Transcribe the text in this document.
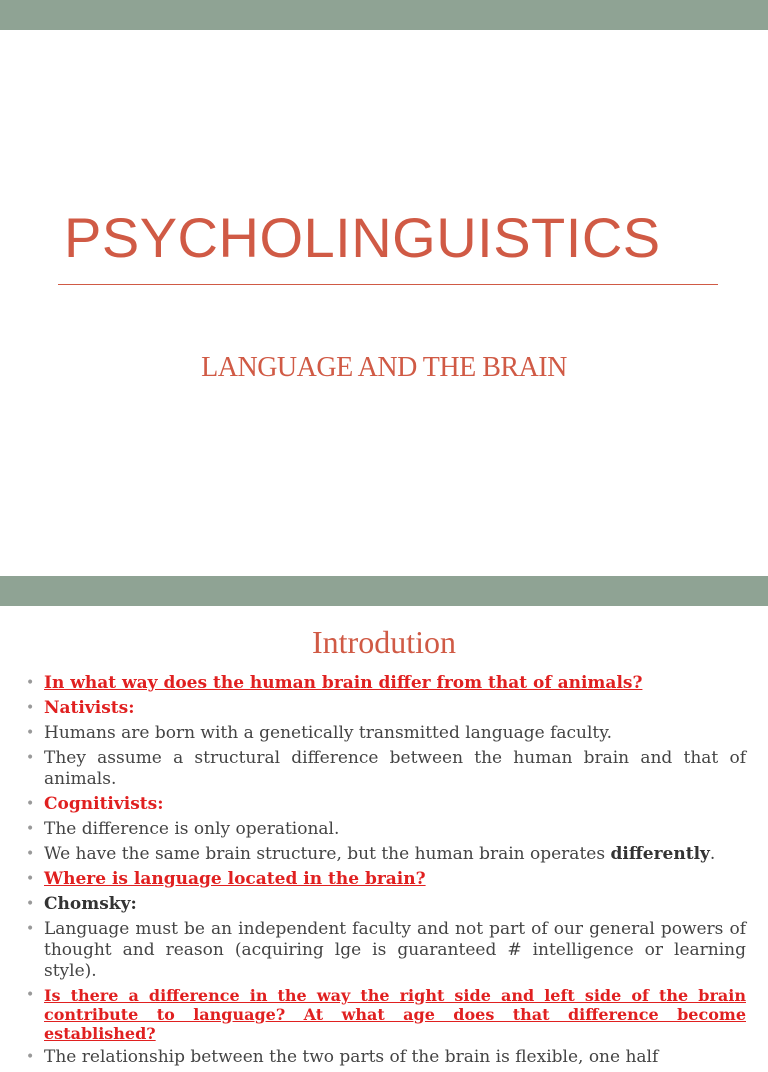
PSYCHOLINGUISTICS
LANGUAGE AND THE BRAIN
Introdution
• In what way does the human brain differ from that of animals?
• Nativists:
• Humans are born with a genetically transmitted language faculty.
• They assume a structural difference between the human brain and that of animals.
• Cognitivists:
• The difference is only operational.
• We have the same brain structure, but the human brain operates differently.
• Where is language located in the brain?
• Chomsky:
• Language must be an independent faculty and not part of our general powers of thought and reason (acquiring lge is guaranteed # intelligence or learning style).
• Is there a difference in the way the right side and left side of the brain contribute to language? At what age does that difference become established?
• The relationship between the two parts of the brain is flexible, one half
